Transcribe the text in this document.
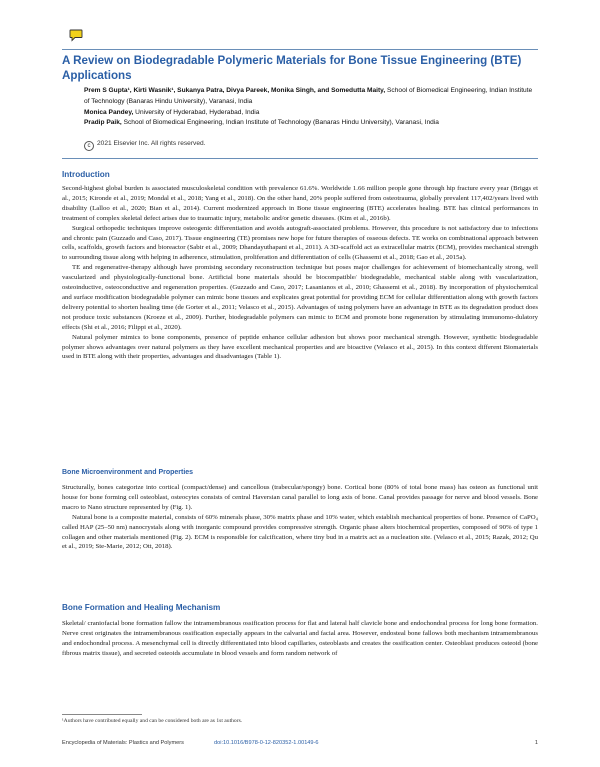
A Review on Biodegradable Polymeric Materials for Bone Tissue Engineering (BTE) Applications
Prem S Gupta¹, Kirti Wasnik¹, Sukanya Patra, Divya Pareek, Monika Singh, and Somedutta Maity, School of Biomedical Engineering, Indian Institute of Technology (Banaras Hindu University), Varanasi, India
Monica Pandey, University of Hyderabad, Hyderabad, India
Pradip Paik, School of Biomedical Engineering, Indian Institute of Technology (Banaras Hindu University), Varanasi, India
c 2021 Elsevier Inc. All rights reserved.
Introduction

Second-highest global burden is associated musculoskeletal condition with prevalence 61.6%. Worldwide 1.66 million people gone through hip fracture every year (Briggs et al., 2015; Kironde et al., 2019; Mondal et al., 2018; Yang et al., 2018). On the other hand, 20% people suffered from osteotrauma, globally prevalent 117,402/years lived with disability (Lalloo et al., 2020; Bian et al., 2014). Current modernized approach in Bone tissue engineering (BTE) accelerates healing. BTE has clinical performances in treatment of complex skeletal defect arises due to traumatic injury, metabolic and/or genetic diseases. (Kim et al., 2016b).

Surgical orthopedic techniques improve osteogenic differentiation and avoids autograft-associated problems. However, this procedure is not satisfactory due to infections and chronic pain (Guzzado and Caso, 2017). Tissue engineering (TE) promises new hope for future therapies of osseous defects. TE works on combinational approach between cells, scaffolds, growth factors and bioreactor (Sabir et al., 2009; Dhandayuthapani et al., 2011). A 3D-scaffold act as extracellular matrix (ECM), provides mechanical strength to surrounding tissue along with helping in adherence, stimulation, proliferation and differentiation of cells (Ghassemi et al., 2018; Gao et al., 2015a).

TE and regenerative-therapy although have promising secondary reconstruction technique but poses major challenges for achievement of biomechanically strong, well vascularized and physiologically-functional bone. Artificial bone materials should be biocompatible/ biodegradable, mechanical stable along with vascularization, osteoinductive, osteoconductive and regeneration properties. (Guzzado and Caso, 2017; Lasanianos et al., 2010; Ghassemi et al., 2018). By incorporation of physiochemical and surface modification biodegradable polymer can mimic bone tissues and explicates great potential for providing ECM for cellular differentiation along with growth factors delivery potential to shorten healing time (de Gorter et al., 2011; Velasco et al., 2015). Advantages of using polymers have an advantage in BTE as its degradation product does not produce toxic substances (Kroeze et al., 2009). Further, biodegradable polymers can mimic to ECM and promote bone regeneration by stimulating immunomo-dulatory effects (Shi et al., 2016; Filippi et al., 2020).

Natural polymer mimics to bone components, presence of peptide enhance cellular adhesion but shows poor mechanical strength. However, synthetic biodegradable polymer shows advantages over natural polymers as they have excellent mechanical properties and are bioactive (Velasco et al., 2015). In this context different Biomaterials used in BTE along with their properties, advantages and disadvantages (Table 1).

Bone Microenvironment and Properties

Structurally, bones categorize into cortical (compact/dense) and cancellous (trabecular/spongy) bone. Cortical bone (80% of total bone mass) has osteon as functional unit house for bone forming cell osteoblast, osteocytes consists of central Haversian canal parallel to long axis of bone. Canal provides passage for nerve and blood vessels. Bone macro to Nano structure represented by (Fig. 1).

Natural bone is a composite material, consists of 60% minerals phase, 30% matrix phase and 10% water, which establish mechanical properties of bone. Presence of CaPO₄ called HAP (25–50 nm) nanocrystals along with inorganic compound provides compressive strength. Organic phase alters biochemical properties, composed of 90% of type 1 collagen and other materials mentioned (Fig. 2). ECM is responsible for calcification, where tiny bud in a matrix act as a nucleation site. (Velasco et al., 2015; Razak, 2012; Qu et al., 2019; Ste-Marie, 2012; Ott, 2018).

Bone Formation and Healing Mechanism

Skeletal/ craniofacial bone formation fallow the intramembranous ossification process for flat and lateral half clavicle bone and endochondral process for long bone formation. Nerve crest originates the intramembranous ossification especially appears in the calvarial and facial area. However, endosteal bone fallows both mechanism intramembranous and endochondral process. A mesenchymal cell is directly differentiated into blood capillaries, osteoblasts and creates the ossification center. Osteoblast produces osteoid (bone fibrous matrix tissue), and secreted osteoids accumulate in blood vessels and form random network of

¹Authors have contributed equally and can be considered both are as 1st authors.
Encyclopedia of Materials: Plastics and Polymers	doi:10.1016/B978-0-12-820352-1.00149-6	1
